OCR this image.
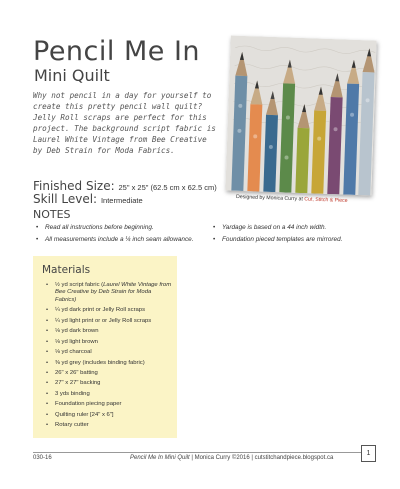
Pencil Me In
Mini Quilt
Why not pencil in a day for yourself to create this pretty pencil wall quilt? Jelly Roll scraps are perfect for this project. The background script fabric is Laurel White Vintage from Bee Creative by Deb Strain for Moda Fabrics.
Designed by Monica Curry at Cut, Stitch & Piece
Finished Size: 25" x 25" (62.5 cm x 62.5 cm)
Skill Level: Intermediate
NOTES
• Read all instructions before beginning.
• All measurements include a ¼ inch seam allowance.
• Yardage is based on a 44 inch width.
• Foundation pieced templates are mirrored.
Materials
• ½ yd script fabric (Laurel White Vintage from Bee Creative by Deb Strain for Moda Fabrics)
• ¼ yd dark print or Jelly Roll scraps
• ¼ yd light print or or Jelly Roll scraps
• ⅛ yd dark brown
• ⅛ yd light brown
• ⅛ yd charcoal
• ⅜ yd grey (includes binding fabric)
• 26" x 26" batting
• 27" x 27" backing
• 3 yds binding
• Foundation piecing paper
• Quilting ruler [24" x 6"]
• Rotary cutter
030-16	Pencil Me In Mini Quilt | Monica Curry ©2016 | cutstitchandpiece.blogspot.ca
1
